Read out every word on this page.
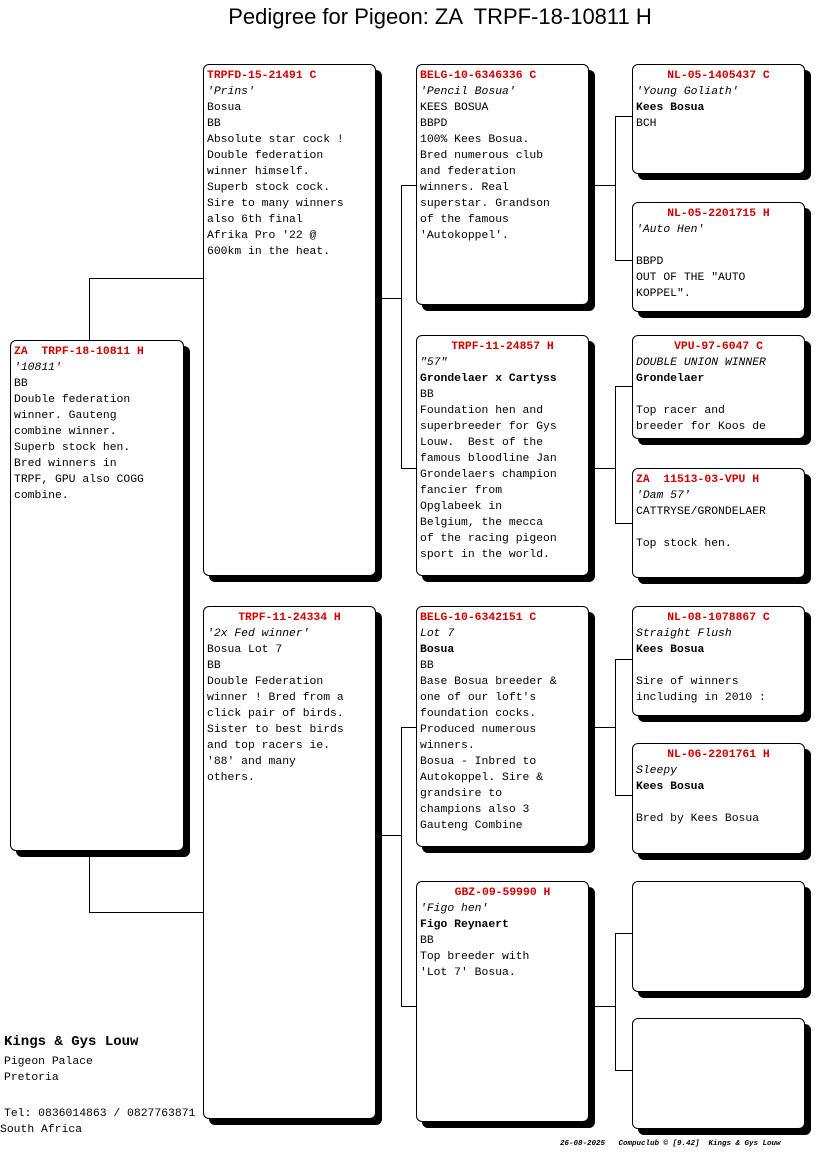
Pedigree for Pigeon: ZA  TRPF-18-10811 H
ZA  TRPF-18-10811 H
'10811'
BB
Double federation
winner. Gauteng
combine winner.
Superb stock hen.
Bred winners in
TRPF, GPU also COGG
combine.
TRPFD-15-21491 C
'Prins'
Bosua
BB
Absolute star cock !
Double federation
winner himself.
Superb stock cock.
Sire to many winners
also 6th final
Afrika Pro '22 @
600km in the heat.
TRPF-11-24334 H
'2x Fed winner'
Bosua Lot 7
BB
Double Federation
winner ! Bred from a
click pair of birds.
Sister to best birds
and top racers ie.
'88' and many
others.
BELG-10-6346336 C
'Pencil Bosua'
KEES BOSUA
BBPD
100% Kees Bosua.
Bred numerous club
and federation
winners. Real
superstar. Grandson
of the famous
'Autokoppel'.
TRPF-11-24857 H
"57"
Grondelaer x Cartyss
BB
Foundation hen and
superbreeder for Gys
Louw.  Best of the
famous bloodline Jan
Grondelaers champion
fancier from
Opglabeek in
Belgium, the mecca
of the racing pigeon
sport in the world.
BELG-10-6342151 C
Lot 7
Bosua
BB
Base Bosua breeder &
one of our loft's
foundation cocks.
Produced numerous
winners.
Bosua - Inbred to
Autokoppel. Sire &
grandsire to
champions also 3
Gauteng Combine
GBZ-09-59990 H
'Figo hen'
Figo Reynaert
BB
Top breeder with
'Lot 7' Bosua.
NL-05-1405437 C
'Young Goliath'
Kees Bosua
BCH
NL-05-2201715 H
'Auto Hen'
BBPD
OUT OF THE "AUTO
KOPPEL".
VPU-97-6047 C
DOUBLE UNION WINNER
Grondelaer
Top racer and
breeder for Koos de
ZA  11513-03-VPU H
'Dam 57'
CATTRYSE/GRONDELAER
Top stock hen.
NL-08-1078867 C
Straight Flush
Kees Bosua
Sire of winners
including in 2010 :
NL-06-2201761 H
Sleepy
Kees Bosua
Bred by Kees Bosua
Kings & Gys Louw
Pigeon Palace
Pretoria
Tel: 0836014863 / 0827763871
South Africa
26-08-2025   Compuclub © [9.42]  Kings & Gys Louw
